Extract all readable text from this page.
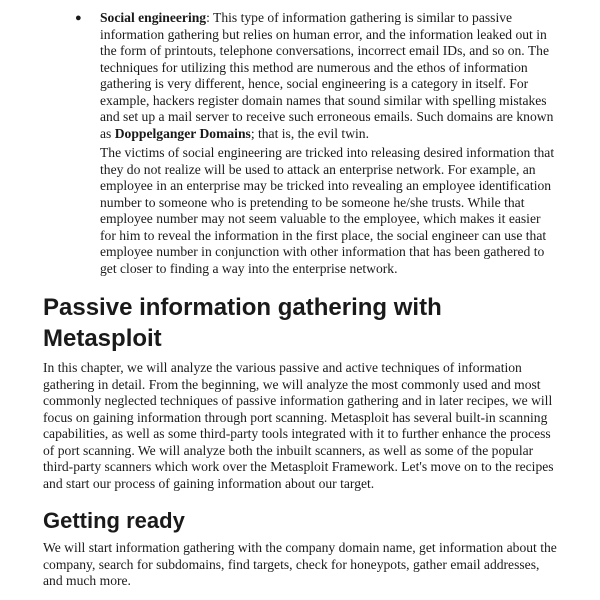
● Social engineering: This type of information gathering is similar to passive information gathering but relies on human error, and the information leaked out in the form of printouts, telephone conversations, incorrect email IDs, and so on. The techniques for utilizing this method are numerous and the ethos of information gathering is very different, hence, social engineering is a category in itself. For example, hackers register domain names that sound similar with spelling mistakes and set up a mail server to receive such erroneous emails. Such domains are known as Doppelganger Domains; that is, the evil twin.

The victims of social engineering are tricked into releasing desired information that they do not realize will be used to attack an enterprise network. For example, an employee in an enterprise may be tricked into revealing an employee identification number to someone who is pretending to be someone he/she trusts. While that employee number may not seem valuable to the employee, which makes it easier for him to reveal the information in the first place, the social engineer can use that employee number in conjunction with other information that has been gathered to get closer to finding a way into the enterprise network.

Passive information gathering with Metasploit

In this chapter, we will analyze the various passive and active techniques of information gathering in detail. From the beginning, we will analyze the most commonly used and most commonly neglected techniques of passive information gathering and in later recipes, we will focus on gaining information through port scanning. Metasploit has several built-in scanning capabilities, as well as some third-party tools integrated with it to further enhance the process of port scanning. We will analyze both the inbuilt scanners, as well as some of the popular third-party scanners which work over the Metasploit Framework. Let's move on to the recipes and start our process of gaining information about our target.

Getting ready

We will start information gathering with the company domain name, get information about the company, search for subdomains, find targets, check for honeypots, gather email addresses, and much more.
